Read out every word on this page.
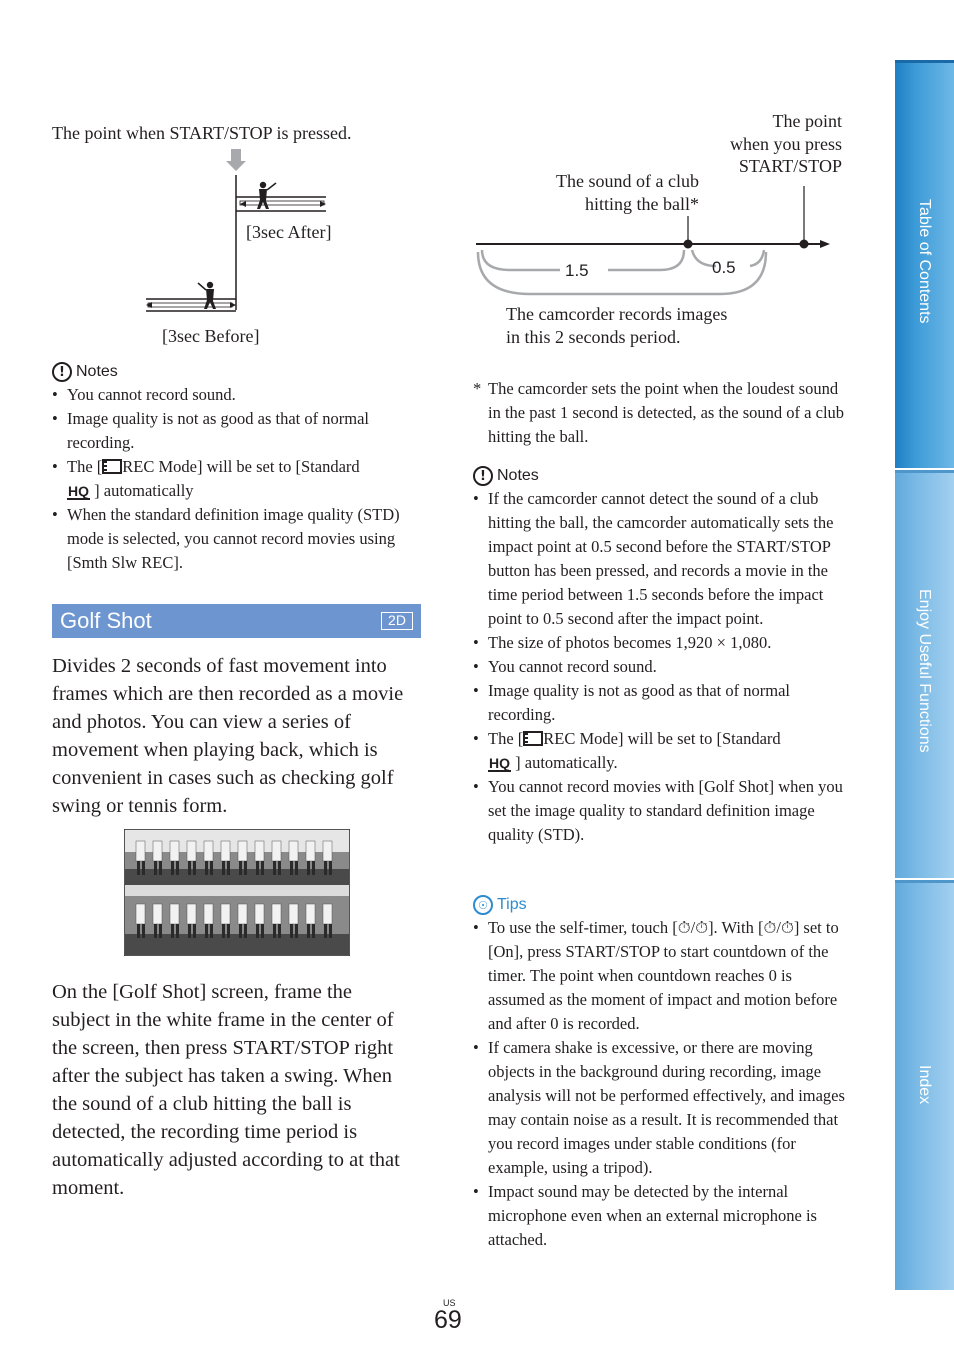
Table of Contents
Enjoy Useful Functions
Index
The point when START/STOP is pressed.
[3sec After]
[3sec Before]
! Notes
• You cannot record sound.
• Image quality is not as good as that of normal recording.
• The [ REC Mode] will be set to [Standard
HQ ] automatically
• When the standard definition image quality (STD) mode is selected, you cannot record movies using [Smth Slw REC].
Golf Shot	2D
Divides 2 seconds of fast movement into frames which are then recorded as a movie and photos. You can view a series of movement when playing back, which is convenient in cases such as checking golf swing or tennis form.
On the [Golf Shot] screen, frame the subject in the white frame in the center of the screen, then press START/STOP right after the subject has taken a swing. When the sound of a club hitting the ball is detected, the recording time period is automatically adjusted according to at that moment.
The point
when you press
START/STOP
The sound of a club
hitting the ball*
1.5	0.5
The camcorder records images
in this 2 seconds period.
* The camcorder sets the point when the loudest sound in the past 1 second is detected, as the sound of a club hitting the ball.
! Notes
• If the camcorder cannot detect the sound of a club hitting the ball, the camcorder automatically sets the impact point at 0.5 second before the START/STOP button has been pressed, and records a movie in the time period between 1.5 seconds before the impact point to 0.5 second after the impact point.
• The size of photos becomes 1,920 × 1,080.
• You cannot record sound.
• Image quality is not as good as that of normal recording.
• The [ REC Mode] will be set to [Standard
HQ ] automatically.
• You cannot record movies with [Golf Shot] when you set the image quality to standard definition image quality (STD).
☉ Tips
• To use the self-timer, touch [⏱/⏱]. With [⏱/⏱] set to [On], press START/STOP to start countdown of the timer. The point when countdown reaches 0 is assumed as the moment of impact and motion before and after 0 is recorded.
• If camera shake is excessive, or there are moving objects in the background during recording, image analysis will not be performed effectively, and images may contain noise as a result. It is recommended that you record images under stable conditions (for example, using a tripod).
• Impact sound may be detected by the internal microphone even when an external microphone is attached.
US
69
